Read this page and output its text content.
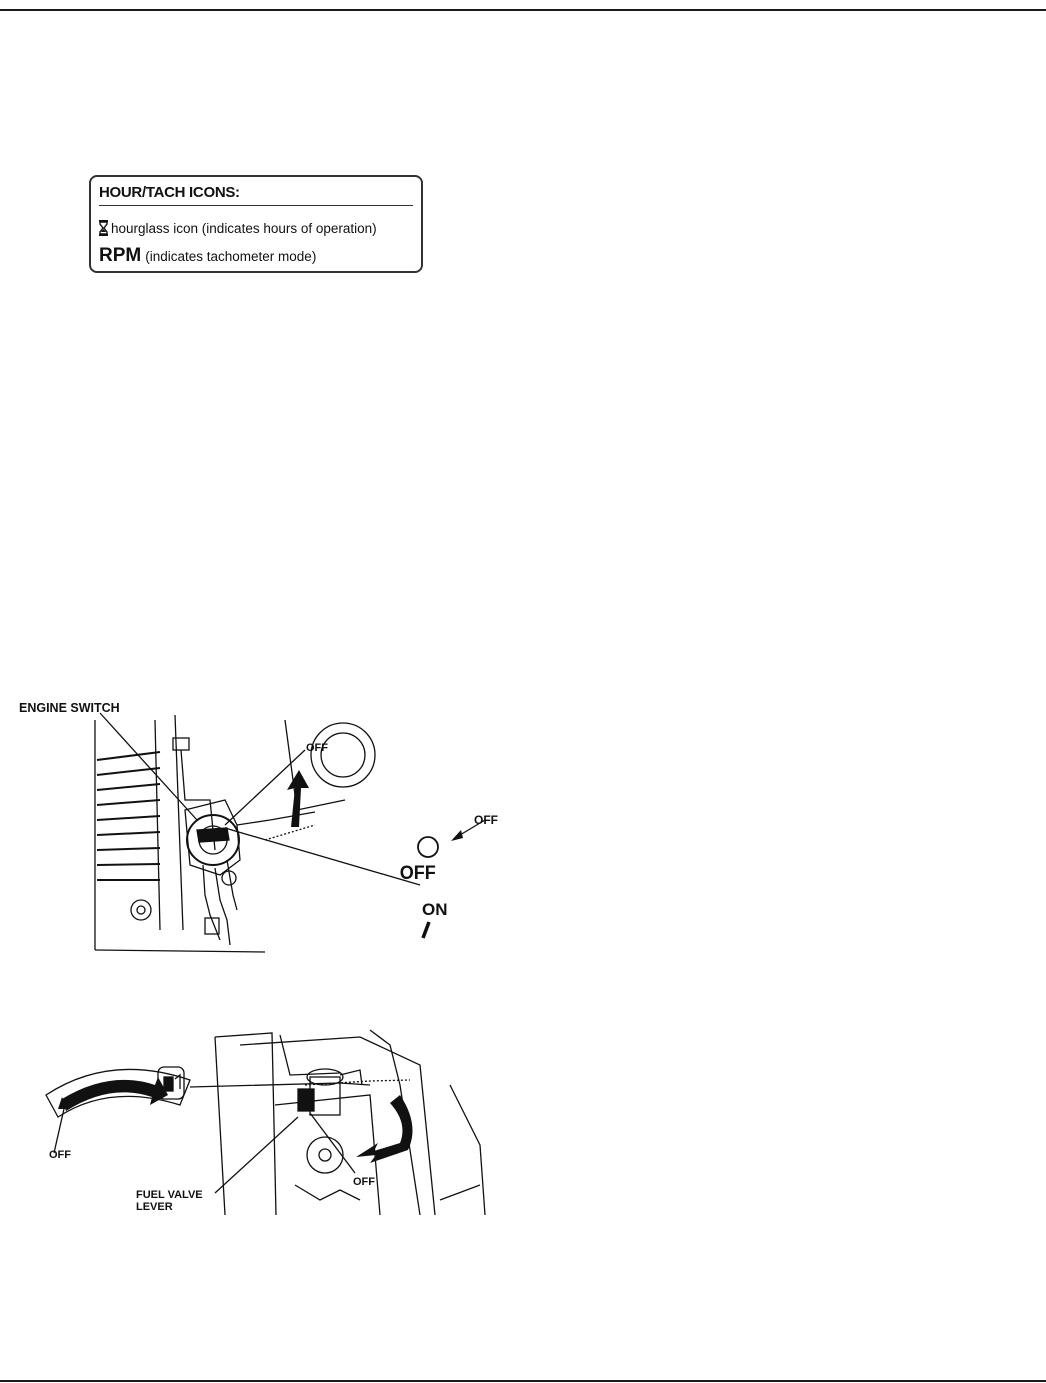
HOUR/TACH ICONS:
hourglass icon (indicates hours of operation)
RPM (indicates tachometer mode)
ENGINE SWITCH
OFF
OFF
OFF
ON
OFF
FUEL VALVE
LEVER
OFF
